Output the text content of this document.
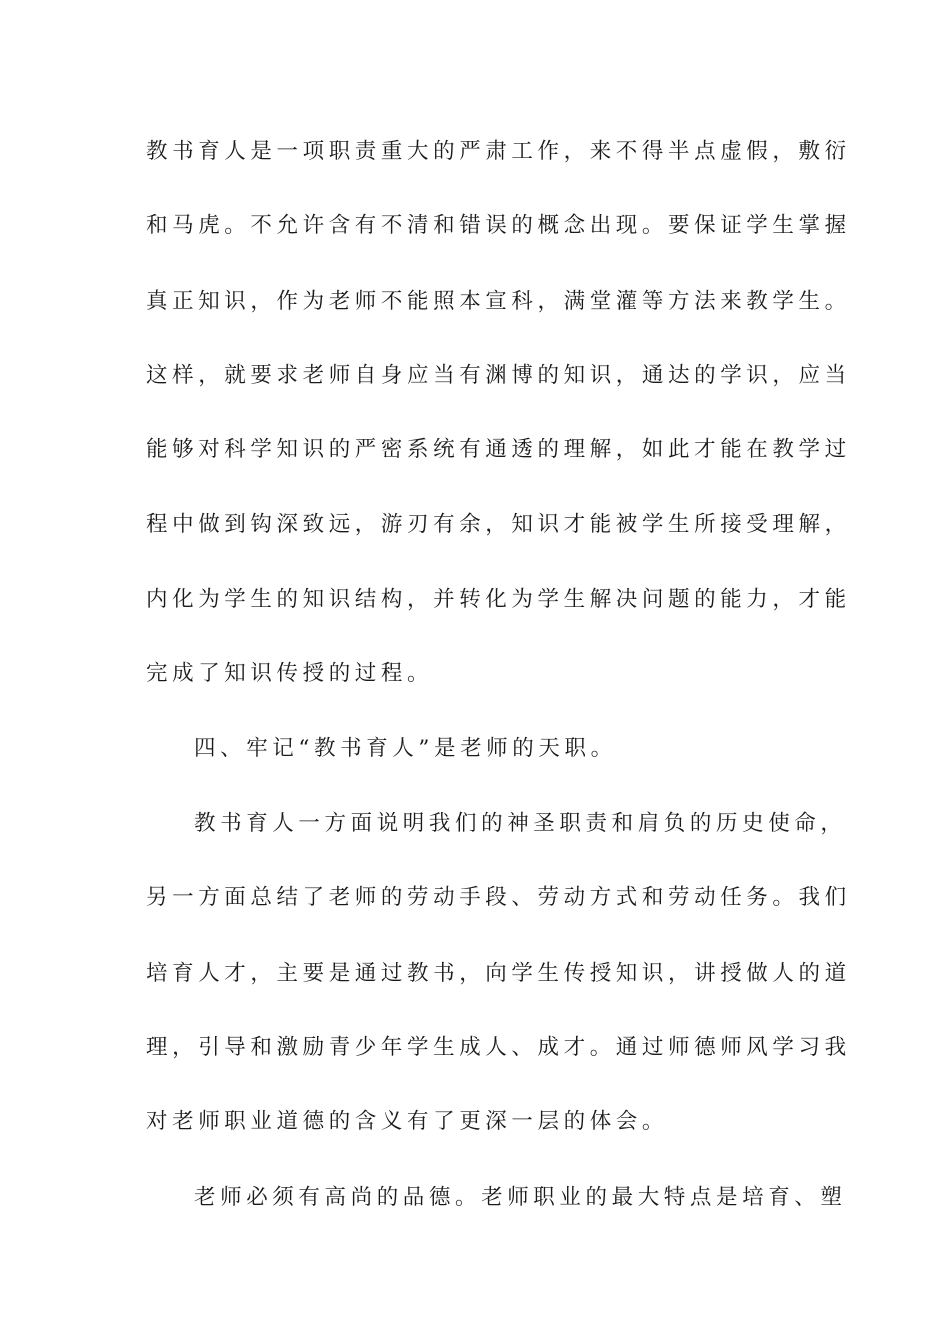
教书育人是一项职责重大的严肃工作，来不得半点虚假，敷衍
和马虎。不允许含有不清和错误的概念出现。要保证学生掌握
真正知识，作为老师不能照本宣科，满堂灌等方法来教学生。
这样，就要求老师自身应当有渊博的知识，通达的学识，应当
能够对科学知识的严密系统有通透的理解，如此才能在教学过
程中做到钩深致远，游刃有余，知识才能被学生所接受理解，
内化为学生的知识结构，并转化为学生解决问题的能力，才能
完成了知识传授的过程。
四、牢记“教书育人”是老师的天职。
教书育人一方面说明我们的神圣职责和肩负的历史使命，
另一方面总结了老师的劳动手段、劳动方式和劳动任务。我们
培育人才，主要是通过教书，向学生传授知识，讲授做人的道
理，引导和激励青少年学生成人、成才。通过师德师风学习我
对老师职业道德的含义有了更深一层的体会。
老师必须有高尚的品德。老师职业的最大特点是培育、塑
